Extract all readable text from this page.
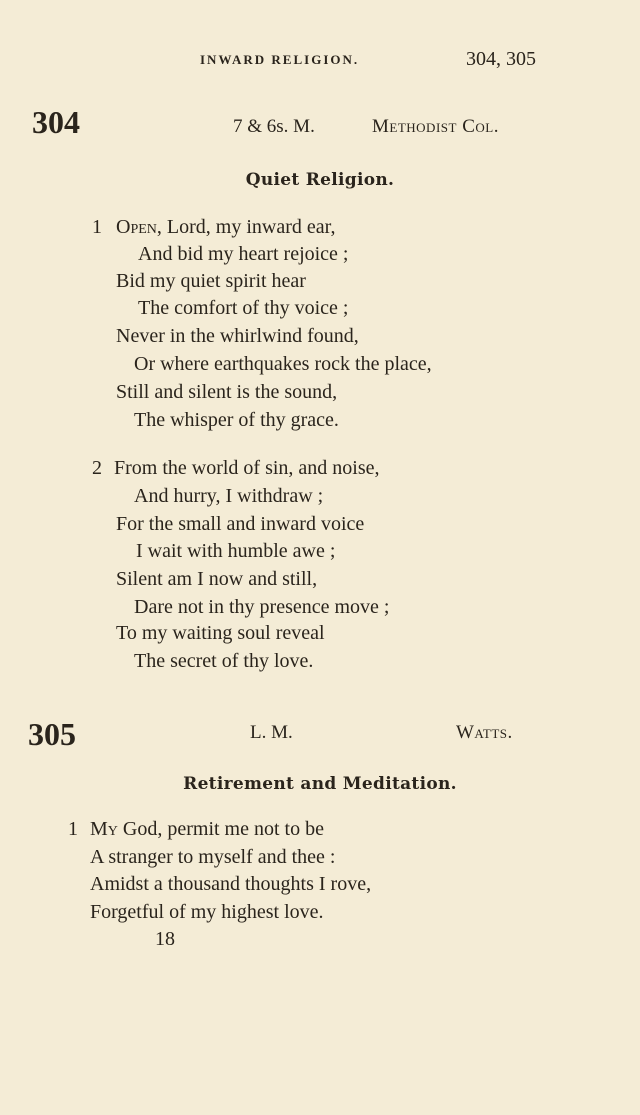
INWARD RELIGION.	304, 305
304	7 & 6s. M.	Methodist Col.
Quiet Religion.
1 Open, Lord, my inward ear,
And bid my heart rejoice ;
Bid my quiet spirit hear
The comfort of thy voice ;
Never in the whirlwind found,
Or where earthquakes rock the place,
Still and silent is the sound,
The whisper of thy grace.
2 From the world of sin, and noise,
And hurry, I withdraw ;
For the small and inward voice
I wait with humble awe ;
Silent am I now and still,
Dare not in thy presence move ;
To my waiting soul reveal
The secret of thy love.
305	L. M.	Watts.
Retirement and Meditation.
1 My God, permit me not to be
A stranger to myself and thee :
Amidst a thousand thoughts I rove,
Forgetful of my highest love.
18
